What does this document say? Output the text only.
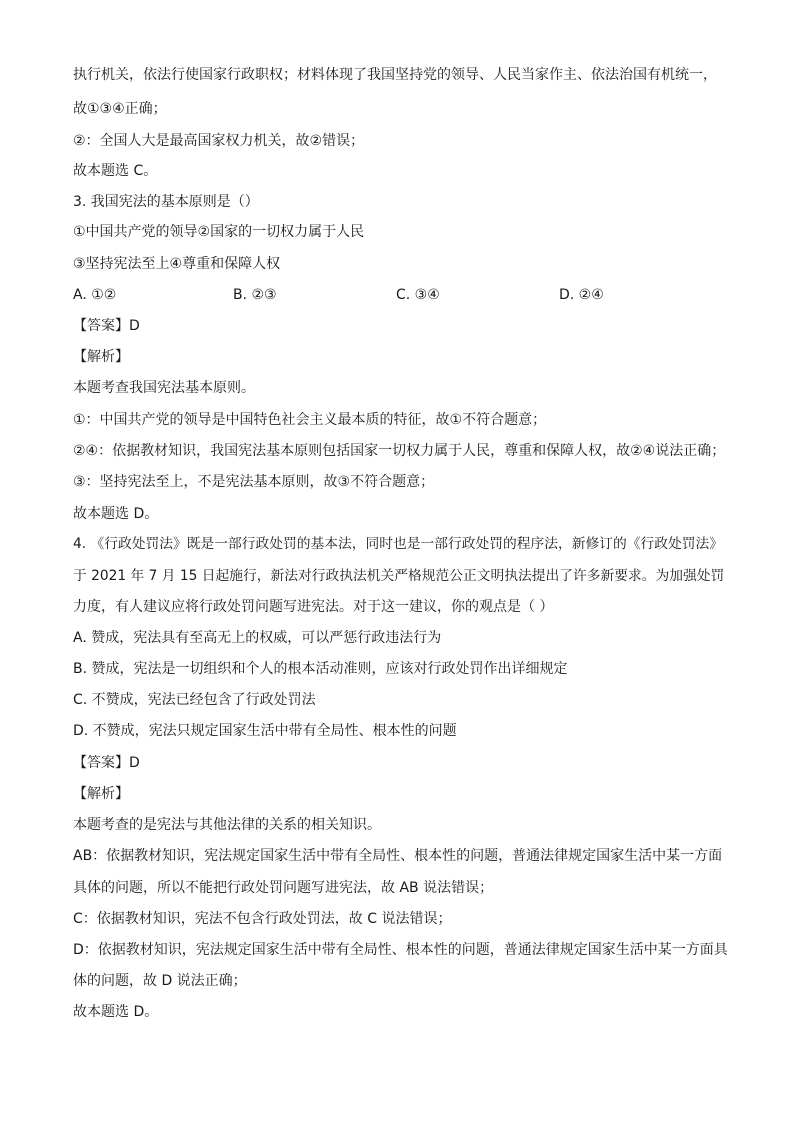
执行机关，依法行使国家行政职权；材料体现了我国坚持党的领导、人民当家作主、依法治国有机统一，
故①③④正确；
②：全国人大是最高国家权力机关，故②错误；
故本题选 C。
3. 我国宪法的基本原则是（）
①中国共产党的领导②国家的一切权力属于人民
③坚持宪法至上④尊重和保障人权
A. ①②	B. ②③	C. ③④	D. ②④
【答案】D
【解析】
本题考查我国宪法基本原则。
①：中国共产党的领导是中国特色社会主义最本质的特征，故①不符合题意；
②④：依据教材知识，我国宪法基本原则包括国家一切权力属于人民，尊重和保障人权，故②④说法正确；
③：坚持宪法至上，不是宪法基本原则，故③不符合题意；
故本题选 D。
4. 《行政处罚法》既是一部行政处罚的基本法，同时也是一部行政处罚的程序法，新修订的《行政处罚法》
于 2021 年 7 月 15 日起施行，新法对行政执法机关严格规范公正文明执法提出了许多新要求。为加强处罚
力度，有人建议应将行政处罚问题写进宪法。对于这一建议，你的观点是（ ）
A. 赞成，宪法具有至高无上的权威，可以严惩行政违法行为
B. 赞成，宪法是一切组织和个人的根本活动准则，应该对行政处罚作出详细规定
C. 不赞成，宪法已经包含了行政处罚法
D. 不赞成，宪法只规定国家生活中带有全局性、根本性的问题
【答案】D
【解析】
本题考查的是宪法与其他法律的关系的相关知识。
AB：依据教材知识，宪法规定国家生活中带有全局性、根本性的问题，普通法律规定国家生活中某一方面
具体的问题，所以不能把行政处罚问题写进宪法，故 AB 说法错误；
C：依据教材知识，宪法不包含行政处罚法，故 C 说法错误；
D：依据教材知识，宪法规定国家生活中带有全局性、根本性的问题，普通法律规定国家生活中某一方面具
体的问题，故 D 说法正确；
故本题选 D。
